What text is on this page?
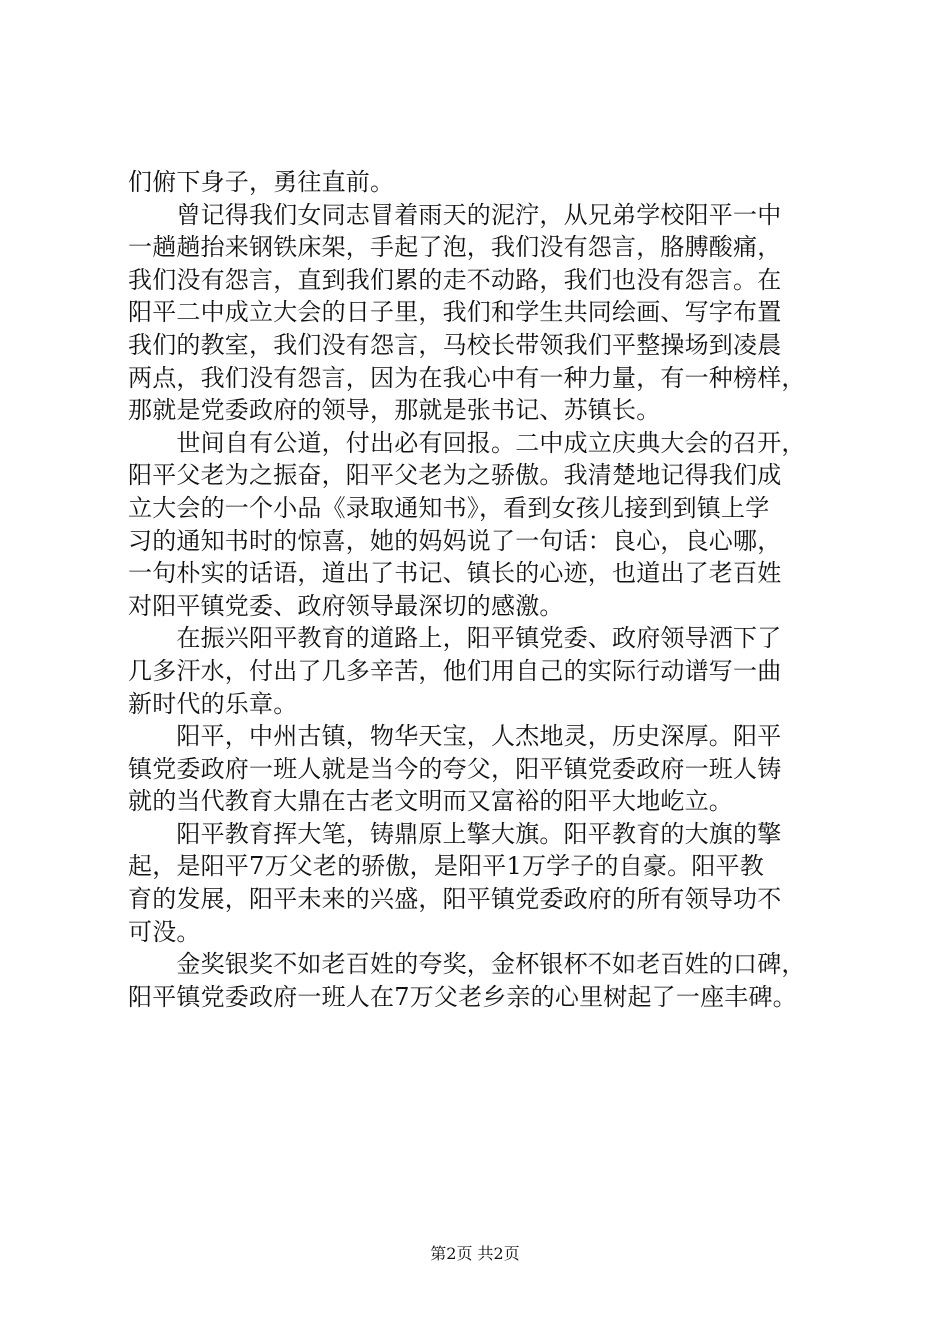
们俯下身子，勇往直前。
　　曾记得我们女同志冒着雨天的泥泞，从兄弟学校阳平一中
一趟趟抬来钢铁床架，手起了泡，我们没有怨言，胳膊酸痛，
我们没有怨言，直到我们累的走不动路，我们也没有怨言。在
阳平二中成立大会的日子里，我们和学生共同绘画、写字布置
我们的教室，我们没有怨言，马校长带领我们平整操场到凌晨
两点，我们没有怨言，因为在我心中有一种力量，有一种榜样，
那就是党委政府的领导，那就是张书记、苏镇长。
　　世间自有公道，付出必有回报。二中成立庆典大会的召开，
阳平父老为之振奋，阳平父老为之骄傲。我清楚地记得我们成
立大会的一个小品《录取通知书》，看到女孩儿接到到镇上学
习的通知书时的惊喜，她的妈妈说了一句话：良心，良心哪，
一句朴实的话语，道出了书记、镇长的心迹，也道出了老百姓
对阳平镇党委、政府领导最深切的感激。
　　在振兴阳平教育的道路上，阳平镇党委、政府领导洒下了
几多汗水，付出了几多辛苦，他们用自己的实际行动谱写一曲
新时代的乐章。
　　阳平，中州古镇，物华天宝，人杰地灵，历史深厚。阳平
镇党委政府一班人就是当今的夸父，阳平镇党委政府一班人铸
就的当代教育大鼎在古老文明而又富裕的阳平大地屹立。
　　阳平教育挥大笔，铸鼎原上擎大旗。阳平教育的大旗的擎
起，是阳平7万父老的骄傲，是阳平1万学子的自豪。阳平教
育的发展，阳平未来的兴盛，阳平镇党委政府的所有领导功不
可没。
　　金奖银奖不如老百姓的夸奖，金杯银杯不如老百姓的口碑，
阳平镇党委政府一班人在7万父老乡亲的心里树起了一座丰碑。
第2页 共2页
